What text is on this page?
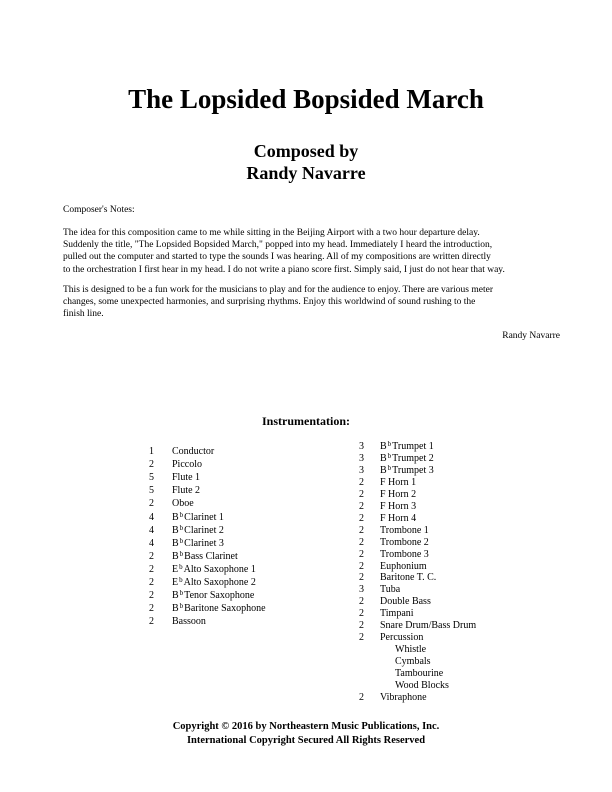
The Lopsided Bopsided March
Composed by
Randy Navarre
Composer's Notes:
The idea for this composition came to me while sitting in the Beijing Airport with a two hour departure delay.
Suddenly the title, "The Lopsided Bopsided March," popped into my head. Immediately I heard the introduction,
pulled out the computer and started to type the sounds I was hearing. All of my compositions are written directly
to the orchestration I first hear in my head. I do not write a piano score first. Simply said, I just do not hear that way.
This is designed to be a fun work for the musicians to play and for the audience to enjoy. There are various meter
changes, some unexpected harmonies, and surprising rhythms. Enjoy this worldwind of sound rushing to the
finish line.
Randy Navarre
Instrumentation:
1 Conductor
2 Piccolo
5 Flute 1
5 Flute 2
2 Oboe
4 $B^bClarinet$ 1
4 $B^bClarinet$ 2
4 $B^bClarinet$ 3
2 $B^bBass$ Clarinet
2 $E^bAlto$ Saxophone 1
2 $E^bAlto$ Saxophone 2
2 $B^bTenor$ Saxophone
2 $B^bBaritone$ Saxophone
2 Bassoon
3 $B^bTrumpet$ 1
3 $B^bTrumpet$ 2
3 $B^bTrumpet$ 3
2 F Horn 1
2 F Horn 2
2 F Horn 3
2 F Horn 4
2 Trombone 1
2 Trombone 2
2 Trombone 3
2 Euphonium
2 Baritone T. C.
3 Tuba
2 Double Bass
2 Timpani
2 Snare Drum/Bass Drum
2 Percussion
Whistle
Cymbals
Tambourine
Wood Blocks
2 Vibraphone
Copyright © 2016 by Northeastern Music Publications, Inc.
International Copyright Secured All Rights Reserved
